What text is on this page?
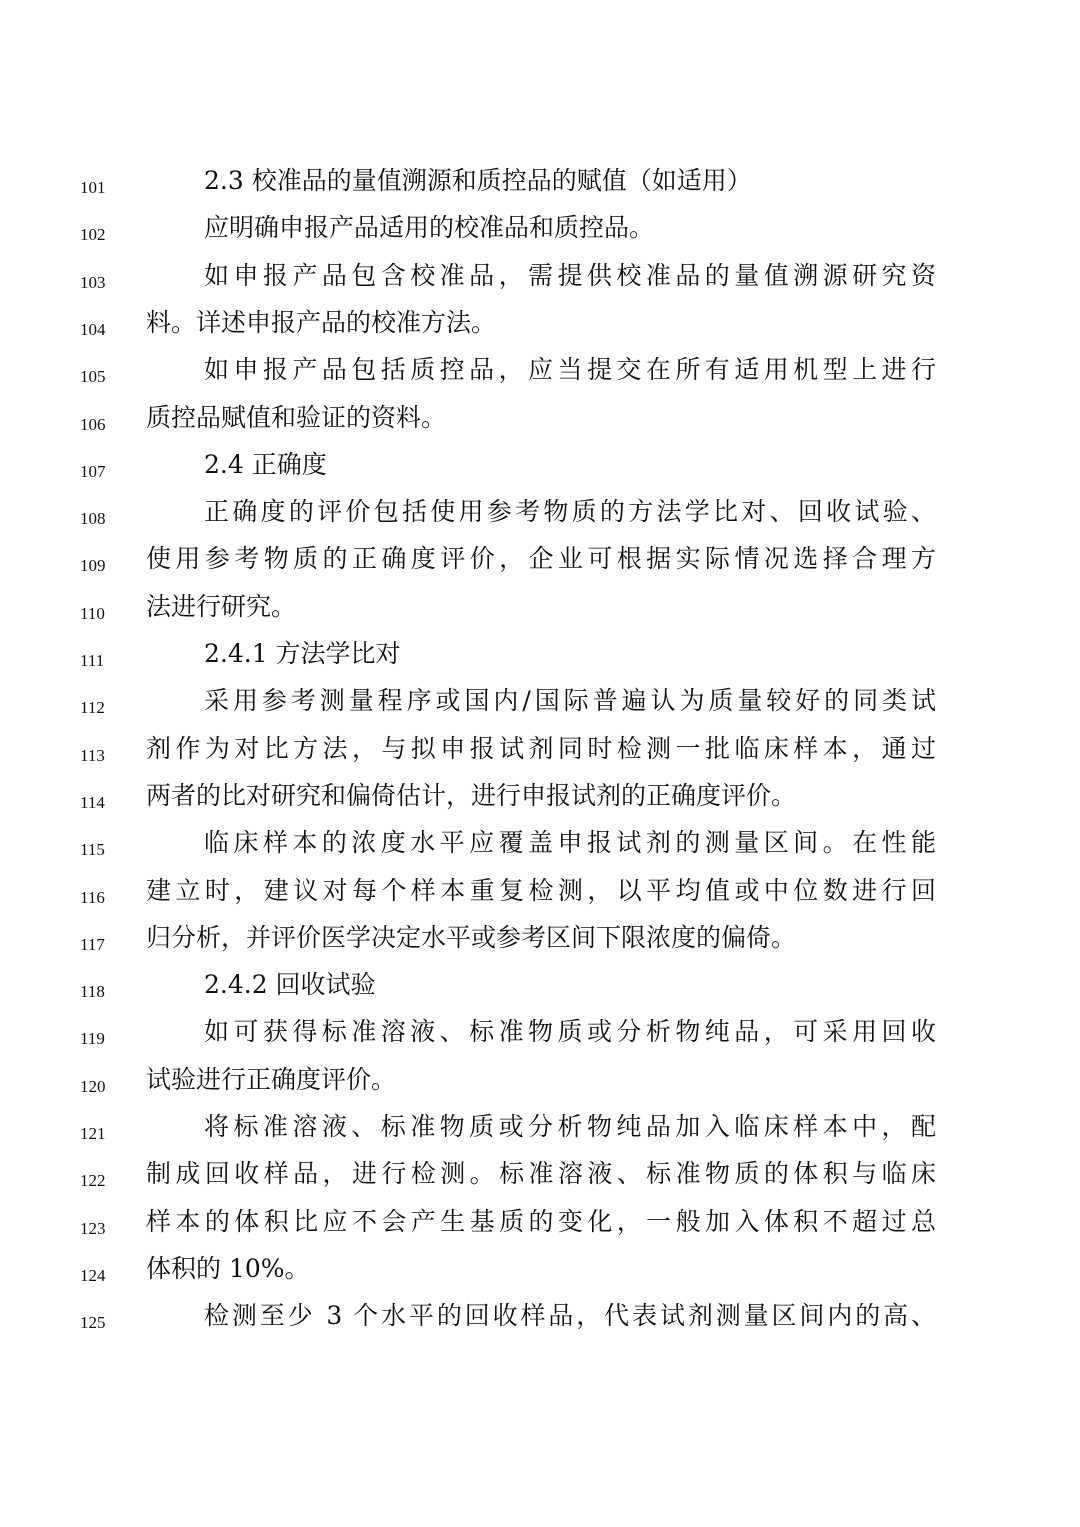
101	2.3 校准品的量值溯源和质控品的赋值（如适用）
102	应明确申报产品适用的校准品和质控品。
103	如申报产品包含校准品，需提供校准品的量值溯源研究资
104	料。详述申报产品的校准方法。
105	如申报产品包括质控品，应当提交在所有适用机型上进行
106	质控品赋值和验证的资料。
107	2.4 正确度
108	正确度的评价包括使用参考物质的方法学比对、回收试验、
109	使用参考物质的正确度评价，企业可根据实际情况选择合理方
110	法进行研究。
111	2.4.1 方法学比对
112	采用参考测量程序或国内/国际普遍认为质量较好的同类试
113	剂作为对比方法，与拟申报试剂同时检测一批临床样本，通过
114	两者的比对研究和偏倚估计，进行申报试剂的正确度评价。
115	临床样本的浓度水平应覆盖申报试剂的测量区间。在性能
116	建立时，建议对每个样本重复检测，以平均值或中位数进行回
117	归分析，并评价医学决定水平或参考区间下限浓度的偏倚。
118	2.4.2 回收试验
119	如可获得标准溶液、标准物质或分析物纯品，可采用回收
120	试验进行正确度评价。
121	将标准溶液、标准物质或分析物纯品加入临床样本中，配
122	制成回收样品，进行检测。标准溶液、标准物质的体积与临床
123	样本的体积比应不会产生基质的变化，一般加入体积不超过总
124	体积的 10%。
125	检测至少 3 个水平的回收样品，代表试剂测量区间内的高、
